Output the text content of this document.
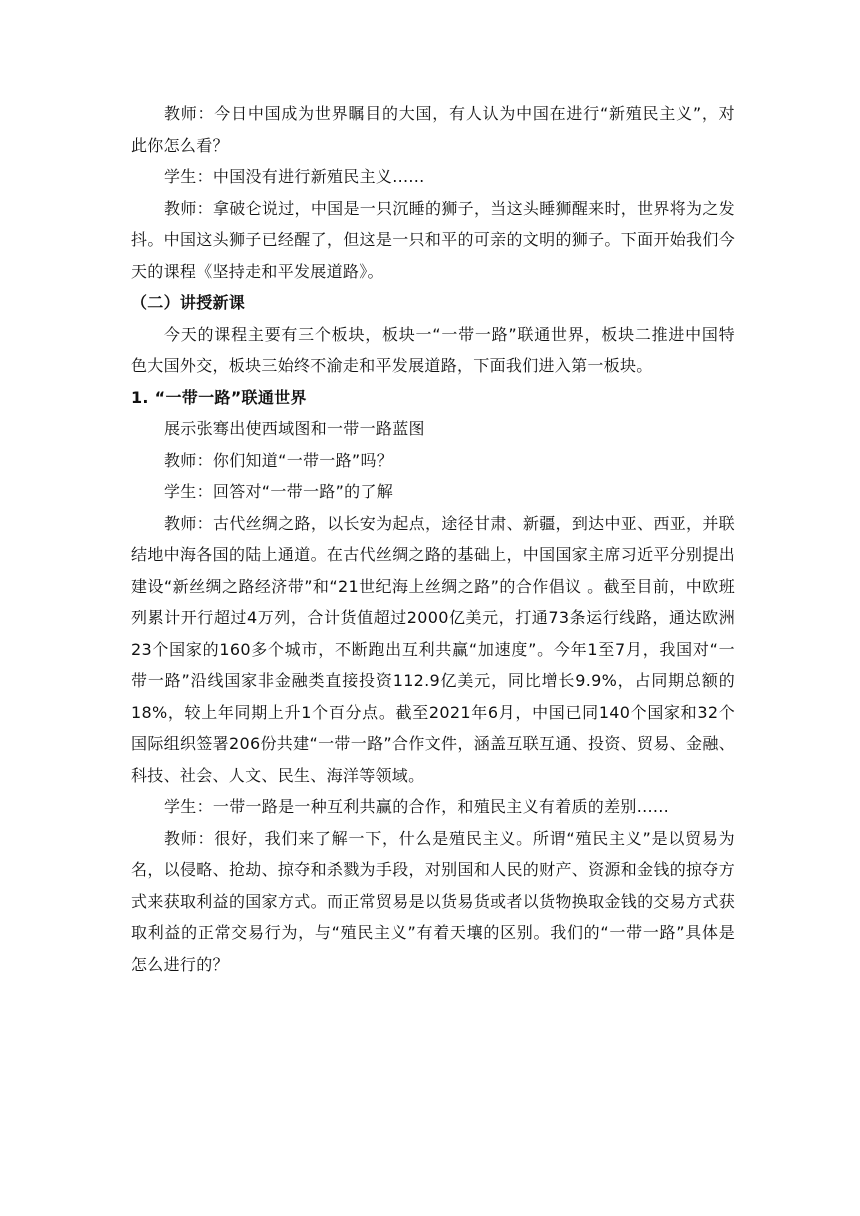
教师：今日中国成为世界瞩目的大国，有人认为中国在进行“新殖民主义”，对此你怎么看？

学生：中国没有进行新殖民主义......

教师：拿破仑说过，中国是一只沉睡的狮子，当这头睡狮醒来时，世界将为之发抖。中国这头狮子已经醒了，但这是一只和平的可亲的文明的狮子。下面开始我们今天的课程《坚持走和平发展道路》。

（二）讲授新课

今天的课程主要有三个板块，板块一“一带一路”联通世界，板块二推进中国特色大国外交，板块三始终不渝走和平发展道路，下面我们进入第一板块。

1. “一带一路”联通世界

展示张骞出使西域图和一带一路蓝图

教师：你们知道“一带一路”吗？

学生：回答对“一带一路”的了解

教师：古代丝绸之路，以长安为起点，途径甘肃、新疆，到达中亚、西亚，并联结地中海各国的陆上通道。在古代丝绸之路的基础上，中国国家主席习近平分别提出建设“新丝绸之路经济带”和“21世纪海上丝绸之路”的合作倡议 。截至目前，中欧班列累计开行超过4万列，合计货值超过2000亿美元，打通73条运行线路，通达欧洲23个国家的160多个城市，不断跑出互利共赢“加速度”。今年1至7月，我国对“一带一路”沿线国家非金融类直接投资112.9亿美元，同比增长9.9%，占同期总额的18%，较上年同期上升1个百分点。截至2021年6月，中国已同140个国家和32个国际组织签署206份共建“一带一路”合作文件，涵盖互联互通、投资、贸易、金融、科技、社会、人文、民生、海洋等领域。

学生：一带一路是一种互利共赢的合作，和殖民主义有着质的差别......

教师：很好，我们来了解一下，什么是殖民主义。所谓“殖民主义”是以贸易为名，以侵略、抢劫、掠夺和杀戮为手段，对别国和人民的财产、资源和金钱的掠夺方式来获取利益的国家方式。而正常贸易是以货易货或者以货物换取金钱的交易方式获取利益的正常交易行为，与“殖民主义”有着天壤的区别。我们的“一带一路”具体是怎么进行的？
